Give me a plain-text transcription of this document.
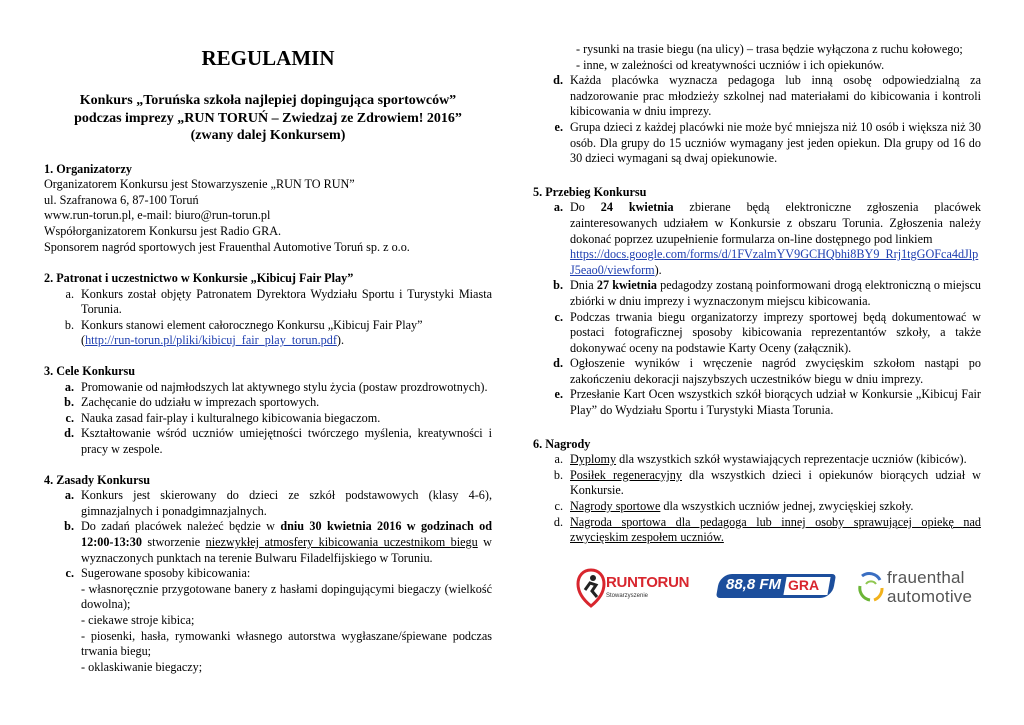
REGULAMIN
Konkurs „Toruńska szkoła najlepiej dopingująca sportowców”
podczas imprezy „RUN TORUŃ – Zwiedzaj ze Zdrowiem! 2016”
(zwany dalej Konkursem)
1. Organizatorzy
Organizatorem Konkursu jest Stowarzyszenie „RUN TO RUN”
ul. Szafranowa 6, 87-100 Toruń
www.run-torun.pl, e-mail: biuro@run-torun.pl
Współorganizatorem Konkursu jest Radio GRA.
Sponsorem nagród sportowych jest Frauenthal Automotive Toruń sp. z o.o.
2. Patronat i uczestnictwo w Konkursie „Kibicuj Fair Play”
a. Konkurs został objęty Patronatem Dyrektora Wydziału Sportu i Turystyki Miasta Torunia.
b. Konkurs stanowi element całorocznego Konkursu „Kibicuj Fair Play”
(http://run-torun.pl/pliki/kibicuj_fair_play_torun.pdf).
3. Cele Konkursu
a. Promowanie od najmłodszych lat aktywnego stylu życia (postaw prozdrowotnych).
b. Zachęcanie do udziału w imprezach sportowych.
c. Nauka zasad fair-play i kulturalnego kibicowania biegaczom.
d. Kształtowanie wśród uczniów umiejętności twórczego myślenia, kreatywności i pracy w zespole.
4. Zasady Konkursu
a. Konkurs jest skierowany do dzieci ze szkół podstawowych (klasy 4-6), gimnazjalnych i ponadgimnazjalnych.
b. Do zadań placówek należeć będzie w dniu 30 kwietnia 2016 w godzinach od 12:00-13:30 stworzenie niezwykłej atmosfery kibicowania uczestnikom biegu w wyznaczonych punktach na terenie Bulwaru Filadelfijskiego w Toruniu.
c. Sugerowane sposoby kibicowania:
- własnoręcznie przygotowane banery z hasłami dopingującymi biegaczy (wielkość dowolna);
- ciekawe stroje kibica;
- piosenki, hasła, rymowanki własnego autorstwa wygłaszane/śpiewane podczas trwania biegu;
- oklaskiwanie biegaczy;
- rysunki na trasie biegu (na ulicy) – trasa będzie wyłączona z ruchu kołowego;
- inne, w zależności od kreatywności uczniów i ich opiekunów.
d. Każda placówka wyznacza pedagoga lub inną osobę odpowiedzialną za nadzorowanie prac młodzieży szkolnej nad materiałami do kibicowania i kontroli kibicowania w dniu imprezy.
e. Grupa dzieci z każdej placówki nie może być mniejsza niż 10 osób i większa niż 30 osób. Dla grupy do 15 uczniów wymagany jest jeden opiekun. Dla grupy od 16 do 30 dzieci wymagani są dwaj opiekunowie.
5. Przebieg Konkursu
a. Do 24 kwietnia zbierane będą elektroniczne zgłoszenia placówek zainteresowanych udziałem w Konkursie z obszaru Torunia. Zgłoszenia należy dokonać poprzez uzupełnienie formularza on-line dostępnego pod linkiem
https://docs.google.com/forms/d/1FVzalmYV9GCHQbhi8BY9_Rrj1tgGOFca4dJlpJ5eao0/viewform).
b. Dnia 27 kwietnia pedagodzy zostaną poinformowani drogą elektroniczną o miejscu zbiórki w dniu imprezy i wyznaczonym miejscu kibicowania.
c. Podczas trwania biegu organizatorzy imprezy sportowej będą dokumentować w postaci fotograficznej sposoby kibicowania reprezentantów szkoły, a także dokonywać oceny na podstawie Karty Oceny (załącznik).
d. Ogłoszenie wyników i wręczenie nagród zwycięskim szkołom nastąpi po zakończeniu dekoracji najszybszych uczestników biegu w dniu imprezy.
e. Przesłanie Kart Ocen wszystkich szkół biorących udział w Konkursie „Kibicuj Fair Play” do Wydziału Sportu i Turystyki Miasta Torunia.
6. Nagrody
a. Dyplomy dla wszystkich szkół wystawiających reprezentacje uczniów (kibiców).
b. Posiłek regeneracyjny dla wszystkich dzieci i opiekunów biorących udział w Konkursie.
c. Nagrody sportowe dla wszystkich uczniów jednej, zwycięskiej szkoły.
d. Nagroda sportowa dla pedagoga lub innej osoby sprawującej opiekę nad zwycięskim zespołem uczniów.
RUNTORUN
Stowarzyszenie
88,8 FM GRA	frauenthal
automotive
